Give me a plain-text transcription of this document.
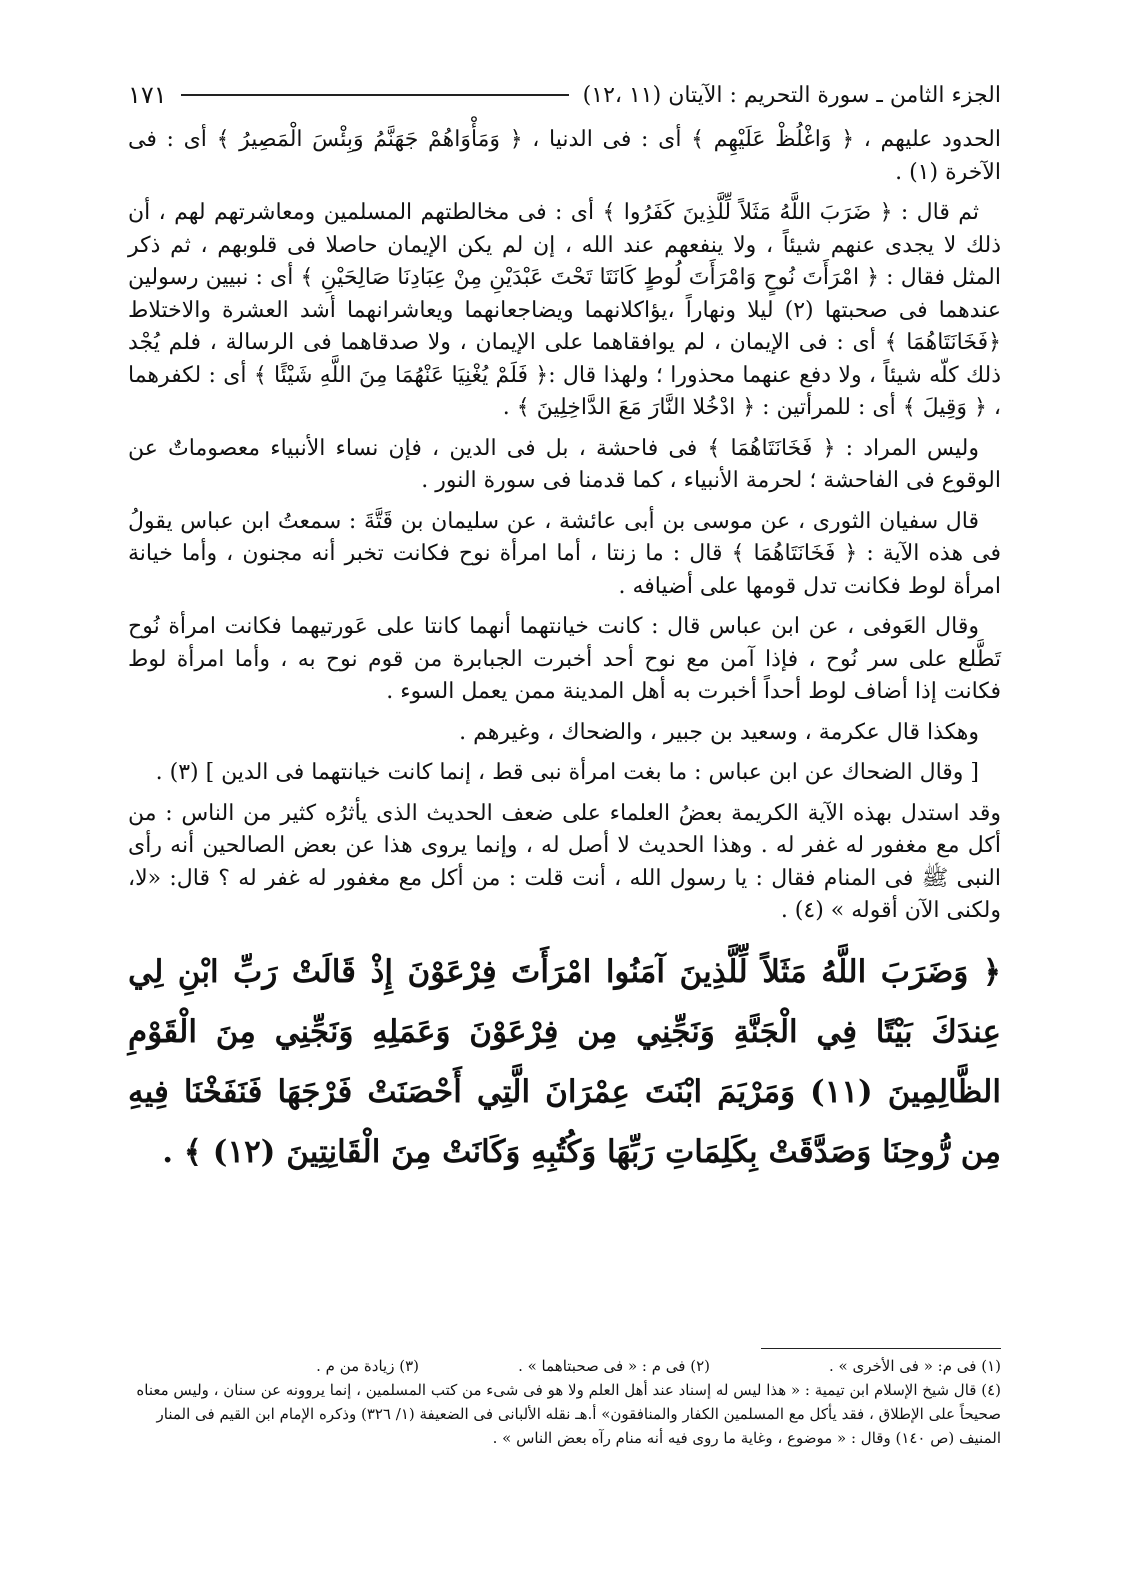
الجزء الثامن ـ سورة التحريم : الآيتان (١١ ،١٢)
١٧١

الحدود عليهم ، ﴿ وَاغْلُظْ عَلَيْهِم ﴾ أى : فى الدنيا ، ﴿ وَمَأْوَاهُمْ جَهَنَّمُ وَبِئْسَ الْمَصِيرُ ﴾ أى : فى الآخرة (١) .

ثم قال : ﴿ ضَرَبَ اللَّهُ مَثَلاً لِّلَّذِينَ كَفَرُوا ﴾ أى : فى مخالطتهم المسلمين ومعاشرتهم لهم ، أن ذلك لا يجدى عنهم شيئاً ، ولا ينفعهم عند الله ، إن لم يكن الإيمان حاصلا فى قلوبهم ، ثم ذكر المثل فقال : ﴿ امْرَأَتَ نُوحٍ وَامْرَأَتَ لُوطٍ كَانَتَا تَحْتَ عَبْدَيْنِ مِنْ عِبَادِنَا صَالِحَيْنِ ﴾ أى : نبيين رسولين عندهما فى صحبتها (٢) ليلا ونهاراً ،يؤاكلانهما ويضاجعانهما ويعاشرانهما أشد العشرة والاختلاط ﴿فَخَانَتَاهُمَا ﴾ أى : فى الإيمان ، لم يوافقاهما على الإيمان ، ولا صدقاهما فى الرسالة ، فلم يُجْد ذلك كلّه شيئاً ، ولا دفع عنهما محذورا ؛ ولهذا قال :﴿ فَلَمْ يُغْنِيَا عَنْهُمَا مِنَ اللَّهِ شَيْئًا ﴾ أى : لكفرهما ، ﴿ وَقِيلَ ﴾ أى : للمرأتين : ﴿ ادْخُلا النَّارَ مَعَ الدَّاخِلِينَ ﴾ .

وليس المراد : ﴿ فَخَانَتَاهُمَا ﴾ فى فاحشة ، بل فى الدين ، فإن نساء الأنبياء معصوماتٌ عن الوقوع فى الفاحشة ؛ لحرمة الأنبياء ، كما قدمنا فى سورة النور .

قال سفيان الثورى ، عن موسى بن أبى عائشة ، عن سليمان بن قَتَّةَ : سمعتُ ابن عباس يقولُ فى هذه الآية : ﴿ فَخَانَتَاهُمَا ﴾ قال : ما زنتا ، أما امرأة نوح فكانت تخبر أنه مجنون ، وأما خيانة امرأة لوط فكانت تدل قومها على أضيافه .

وقال العَوفى ، عن ابن عباس قال : كانت خيانتهما أنهما كانتا على عَورتيهما فكانت امرأة نُوح تَطَّلع على سر نُوح ، فإذا آمن مع نوح أحد أخبرت الجبابرة من قوم نوح به ، وأما امرأة لوط فكانت إذا أضاف لوط أحداً أخبرت به أهل المدينة ممن يعمل السوء .

وهكذا قال عكرمة ، وسعيد بن جبير ، والضحاك ، وغيرهم .

[ وقال الضحاك عن ابن عباس : ما بغت امرأة نبى قط ، إنما كانت خيانتهما فى الدين ] (٣) .

وقد استدل بهذه الآية الكريمة بعضُ العلماء على ضعف الحديث الذى يأثرُه كثير من الناس : من أكل مع مغفور له غفر له . وهذا الحديث لا أصل له ، وإنما يروى هذا عن بعض الصالحين أنه رأى النبى ﷺ فى المنام فقال : يا رسول الله ، أنت قلت : من أكل مع مغفور له غفر له ؟ قال: «لا، ولكنى الآن أقوله » (٤) .

﴿ وَضَرَبَ اللَّهُ مَثَلاً لِّلَّذِينَ آمَنُوا امْرَأَتَ فِرْعَوْنَ إِذْ قَالَتْ رَبِّ ابْنِ لِي عِندَكَ بَيْتًا فِي الْجَنَّةِ وَنَجِّنِي مِن فِرْعَوْنَ وَعَمَلِهِ وَنَجِّنِي مِنَ الْقَوْمِ الظَّالِمِينَ (١١) وَمَرْيَمَ ابْنَتَ عِمْرَانَ الَّتِي أَحْصَنَتْ فَرْجَهَا فَنَفَخْنَا فِيهِ مِن رُّوحِنَا وَصَدَّقَتْ بِكَلِمَاتِ رَبِّهَا وَكُتُبِهِ وَكَانَتْ مِنَ الْقَانِتِينَ (١٢) ﴾ .
(١) فى م: « فى الأخرى » .
(٢) فى م : « فى صحبتاهما » .
(٣) زيادة من م .

(٤) قال شيخ الإسلام ابن تيمية : « هذا ليس له إسناد عند أهل العلم ولا هو فى شىء من كتب المسلمين ، إنما يروونه عن سنان ، وليس معناه صحيحاً على الإطلاق ، فقد يأكل مع المسلمين الكفار والمنافقون» أ.هـ نقله الألبانى فى الضعيفة (١/ ٣٢٦) وذكره الإمام ابن القيم فى المنار المنيف (ص ١٤٠) وقال : « موضوع ، وغاية ما روى فيه أنه منام رآه بعض الناس » .
